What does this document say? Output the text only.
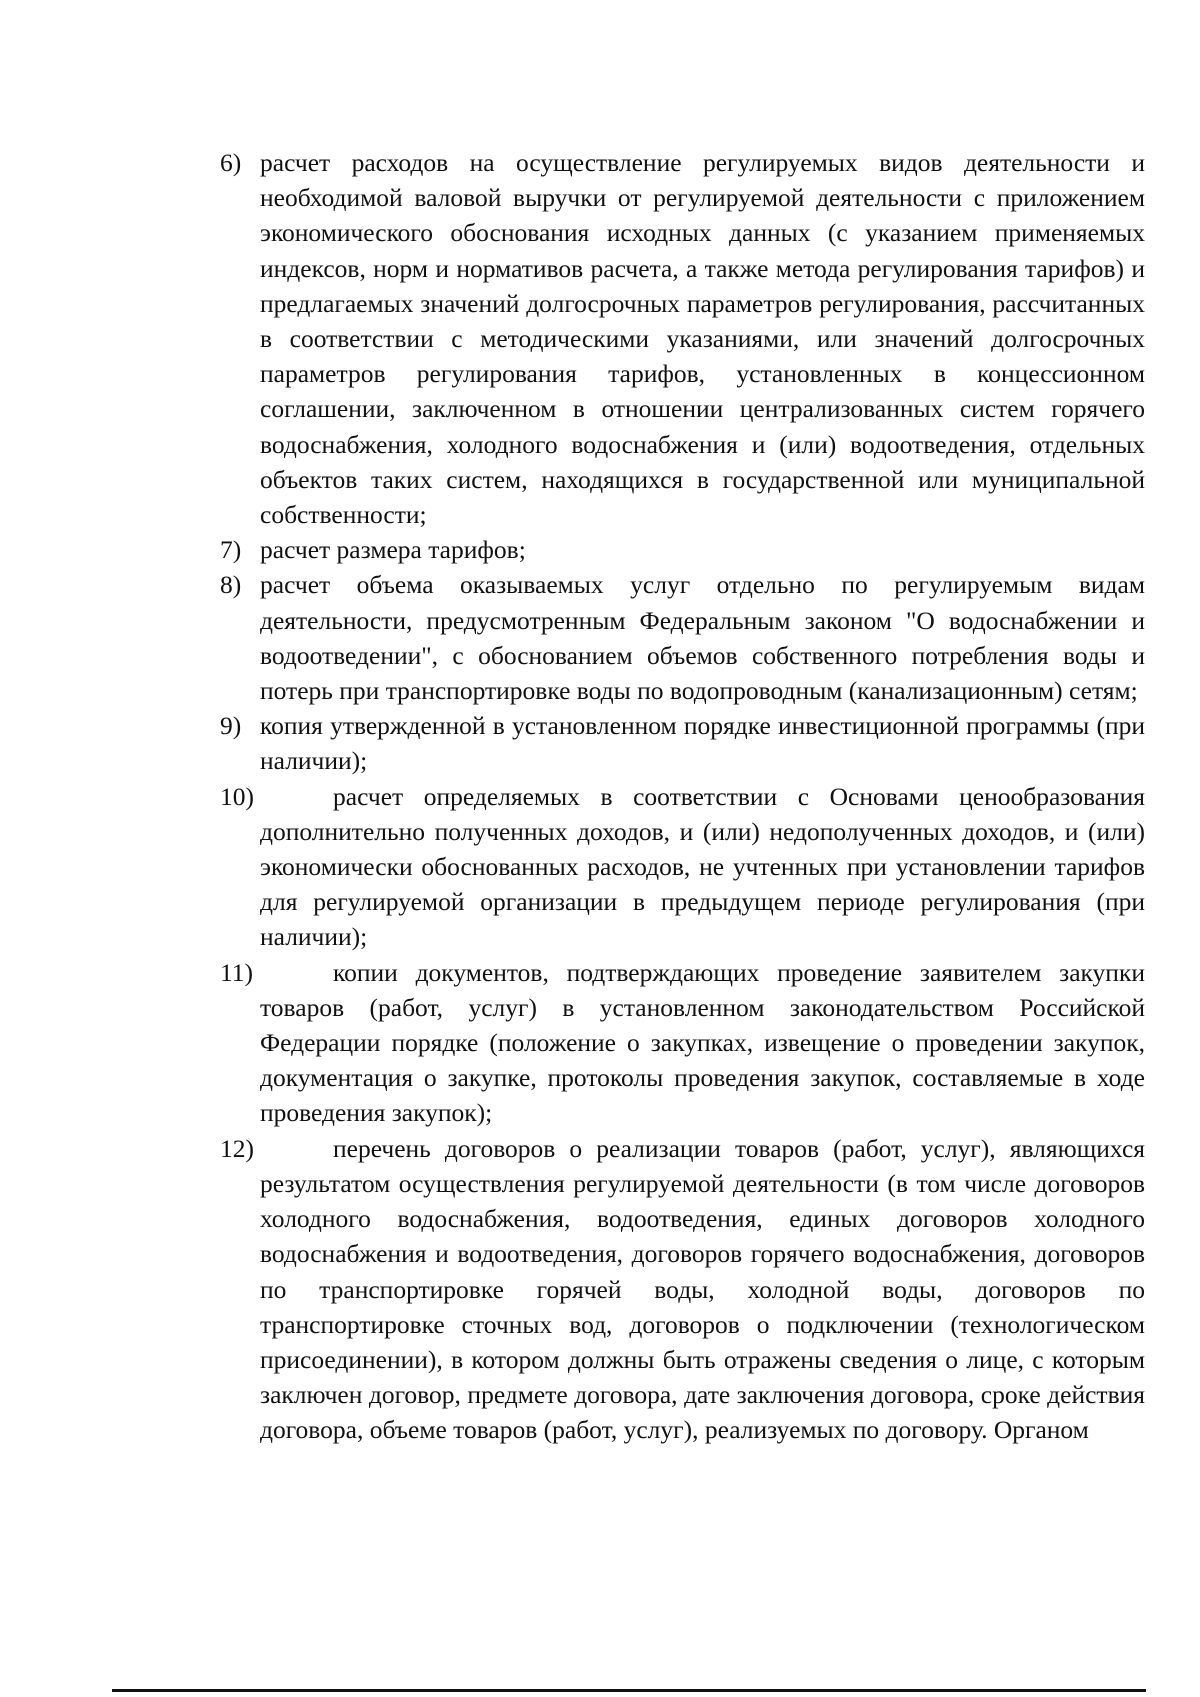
6) расчет расходов на осуществление регулируемых видов деятельности и необходимой валовой выручки от регулируемой деятельности с приложением экономического обоснования исходных данных (с указанием применяемых индексов, норм и нормативов расчета, а также метода регулирования тарифов) и предлагаемых значений долгосрочных параметров регулирования, рассчитанных в соответствии с методическими указаниями, или значений долгосрочных параметров регулирования тарифов, установленных в концессионном соглашении, заключенном в отношении централизованных систем горячего водоснабжения, холодного водоснабжения и (или) водоотведения, отдельных объектов таких систем, находящихся в государственной или муниципальной собственности;
7) расчет размера тарифов;
8) расчет объема оказываемых услуг отдельно по регулируемым видам деятельности, предусмотренным Федеральным законом "О водоснабжении и водоотведении", с обоснованием объемов собственного потребления воды и потерь при транспортировке воды по водопроводным (канализационным) сетям;
9) копия утвержденной в установленном порядке инвестиционной программы (при наличии);
10)	расчет определяемых в соответствии с Основами ценообразования дополнительно полученных доходов, и (или) недополученных доходов, и (или) экономически обоснованных расходов, не учтенных при установлении тарифов для регулируемой организации в предыдущем периоде регулирования (при наличии);
11)	копии документов, подтверждающих проведение заявителем закупки товаров (работ, услуг) в установленном законодательством Российской Федерации порядке (положение о закупках, извещение о проведении закупок, документация о закупке, протоколы проведения закупок, составляемые в ходе проведения закупок);
12)	перечень договоров о реализации товаров (работ, услуг), являющихся результатом осуществления регулируемой деятельности (в том числе договоров холодного водоснабжения, водоотведения, единых договоров холодного водоснабжения и водоотведения, договоров горячего водоснабжения, договоров по транспортировке горячей воды, холодной воды, договоров по транспортировке сточных вод, договоров о подключении (технологическом присоединении), в котором должны быть отражены сведения о лице, с которым заключен договор, предмете договора, дате заключения договора, сроке действия договора, объеме товаров (работ, услуг), реализуемых по договору. Органом
